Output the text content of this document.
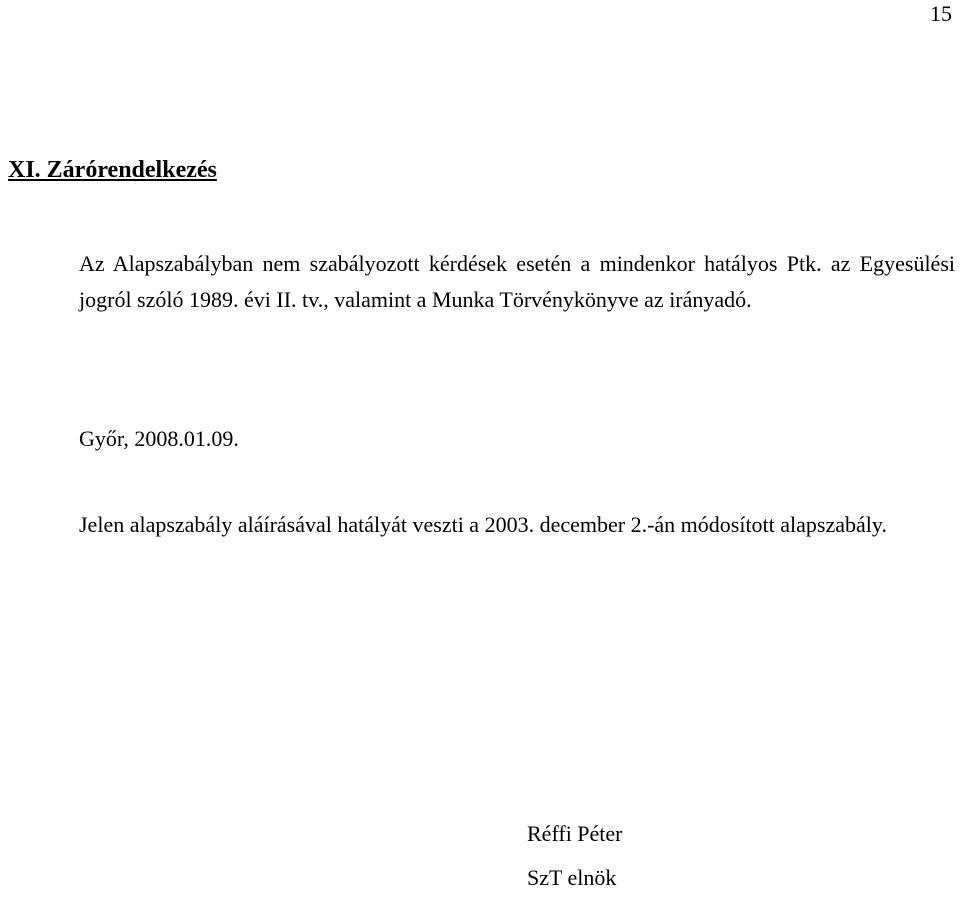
15
XI. Zárórendelkezés

Az Alapszabályban nem szabályozott kérdések esetén a mindenkor hatályos Ptk. az Egyesülési jogról szóló 1989. évi II. tv., valamint a Munka Törvénykönyve az irányadó.

Győr, 2008.01.09.

Jelen alapszabály aláírásával hatályát veszti a 2003. december 2.-án módosított alapszabály.

Réffi Péter
SzT elnök
